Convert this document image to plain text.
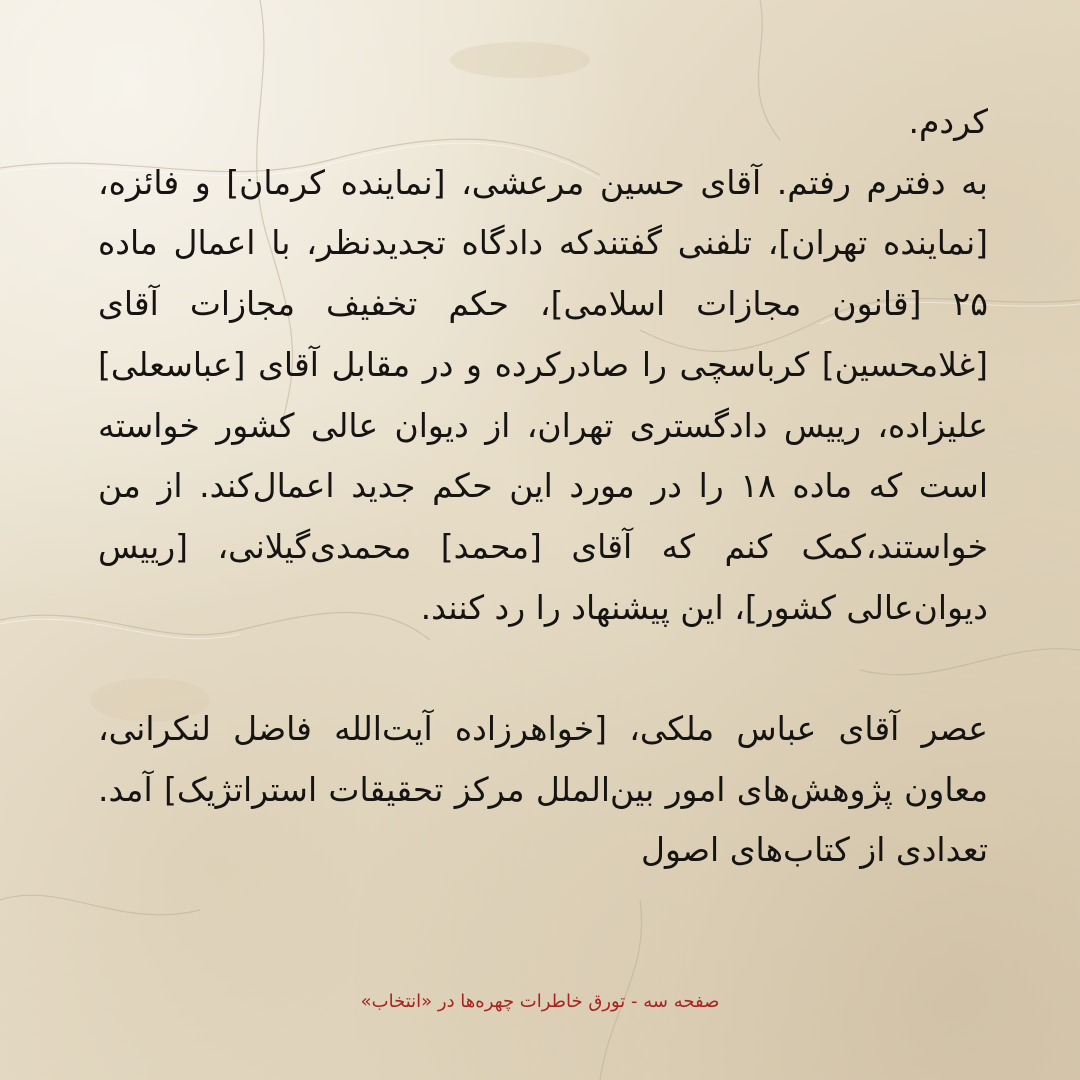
کردم.

به دفترم رفتم. آقای حسین مرعشی، [نماینده کرمان] و فائزه، [نماینده تهران]، تلفنی گفتندکه دادگاه تجدیدنظر، با اعمال ماده ۲۵ [قانون مجازات اسلامی]، حکم تخفیف مجازات آقای [غلامحسین] کرباسچی را صادرکرده و در مقابل آقای [عباسعلی] علیزاده، رییس دادگستری تهران، از دیوان عالی کشور خواسته است که ماده ۱۸ را در مورد این حکم جدید اعمال‌کند. از من خواستند،کمک کنم که آقای [محمد] محمدی‌گیلانی، [رییس دیوان‌عالی کشور]، این پیشنهاد را رد کنند.

عصر آقای عباس ملکی، [خواهرزاده آیت‌الله فاضل لنکرانی، معاون پژوهش‌های امور بین‌الملل مرکز تحقیقات استراتژیک] آمد. تعدادی از کتاب‌های اصول

صفحه سه - تورق خاطرات چهره‌ها در «انتخاب»
